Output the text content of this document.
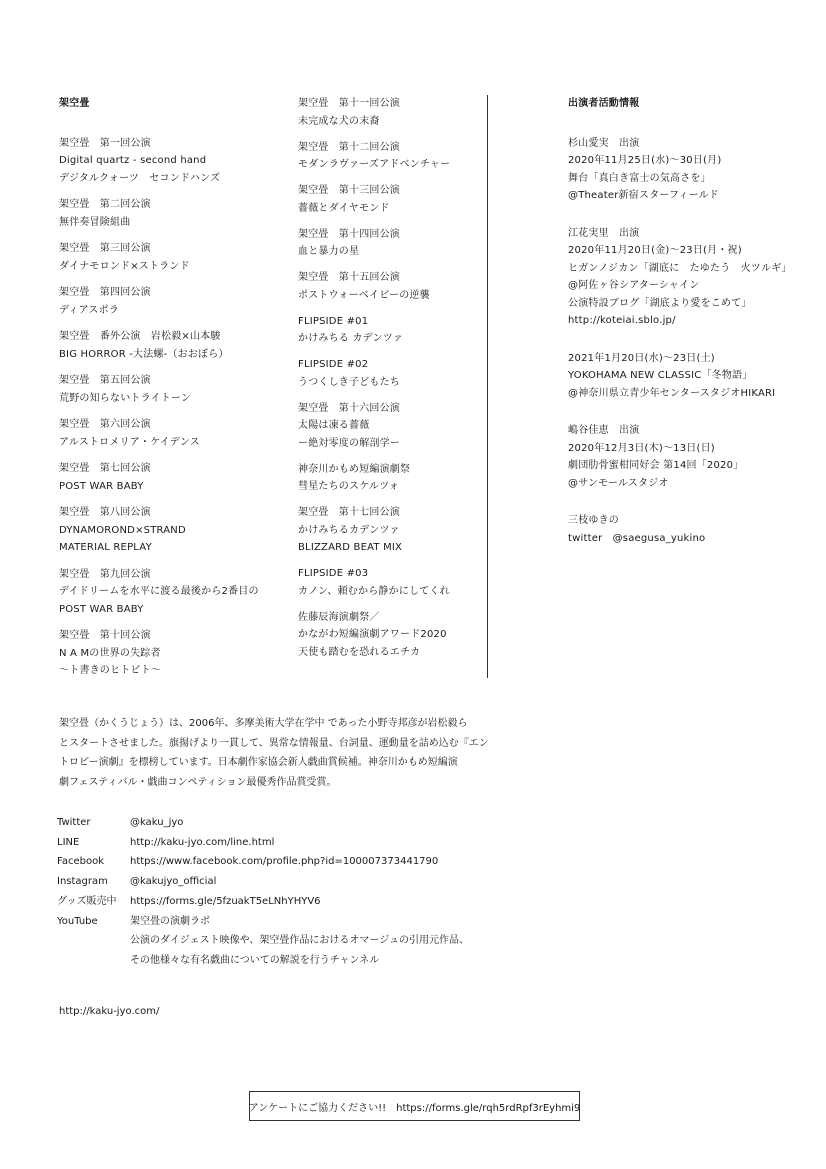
架空畳

架空畳　第一回公演

Digital quartz - second hand

デジタルクォーツ　セコンドハンズ

架空畳　第二回公演

無伴奏冒険組曲

架空畳　第三回公演

ダイナモロンド×ストランド

架空畳　第四回公演

ディアスポラ

架空畳　番外公演　岩松毅×山本駿

BIG HORROR -大法螺-（おおぼら）

架空畳　第五回公演

荒野の知らないトライトーン

架空畳　第六回公演

アルストロメリア・ケイデンス

架空畳　第七回公演

POST WAR BABY

架空畳　第八回公演

DYNAMOROND×STRAND

MATERIAL REPLAY

架空畳　第九回公演

デイドリームを水平に渡る最後から2番目の

POST WAR BABY

架空畳　第十回公演

N A Mの世界の失踪者

〜ト書きのヒトビト〜

架空畳　第十一回公演

未完成な犬の末裔

架空畳　第十二回公演

モダンラヴァーズアドベンチャー

架空畳　第十三回公演

薔薇とダイヤモンド

架空畳　第十四回公演

血と暴力の星

架空畳　第十五回公演

ポストウォーベイビーの逆襲

FLIPSIDE #01

かけみちる カデンツァ

FLIPSIDE #02

うつくしき子どもたち

架空畳　第十六回公演

太陽は凍る薔薇

ー絶対零度の解剖学ー

神奈川かもめ短編演劇祭

彗星たちのスケルツォ

架空畳　第十七回公演

かけみちるカデンツァ

BLIZZARD BEAT MIX

FLIPSIDE #03

カノン、頼むから静かにしてくれ

佐藤辰海演劇祭／

かながわ短編演劇アワード2020

天使も踏むを恐れるエチカ

出演者活動情報

杉山愛実　出演

2020年11月25日(水)〜30日(月)

舞台「真白き富士の気高さを」

@Theater新宿スターフィールド

江花実里　出演

2020年11月20日(金)〜23日(月・祝)

ヒガンノジカン「湖底に　たゆたう　火ツルギ」

@阿佐ヶ谷シアターシャイン

公演特設ブログ「湖底より愛をこめて」

http://koteiai.sblo.jp/

2021年1月20日(水)〜23日(土)

YOKOHAMA NEW CLASSIC「冬物語」

@神奈川県立青少年センタースタジオHIKARI

嶋谷佳恵　出演

2020年12月3日(木)〜13日(日)

劇団肋骨蜜柑同好会 第14回「2020」

@サンモールスタジオ

三枝ゆきの

twitter　@saegusa_yukino

架空畳（かくうじょう）は、2006年、多摩美術大学在学中 であった小野寺邦彦が岩松毅ら

とスタートさせました。旗揚げより一貫して、異常な情報量、台詞量、運動量を詰め込む『エン

トロピー演劇』を標榜しています。日本劇作家協会新人戯曲賞候補。神奈川かもめ短編演

劇フェスティバル・戯曲コンペティション最優秀作品賞受賞。

Twitter	@kaku_jyo

LINE	http://kaku-jyo.com/line.html

Facebook	https://www.facebook.com/profile.php?id=100007373441790

Instagram	@kakujyo_official

グッズ販売中	https://forms.gle/5fzuakT5eLNhYHYV6

YouTube	架空畳の演劇ラボ

公演のダイジェスト映像や、架空畳作品におけるオマージュの引用元作品、

その他様々な有名戯曲についての解説を行うチャンネル

http://kaku-jyo.com/
アンケートにご協力ください!!　https://forms.gle/rqh5rdRpf3rEyhmi9
